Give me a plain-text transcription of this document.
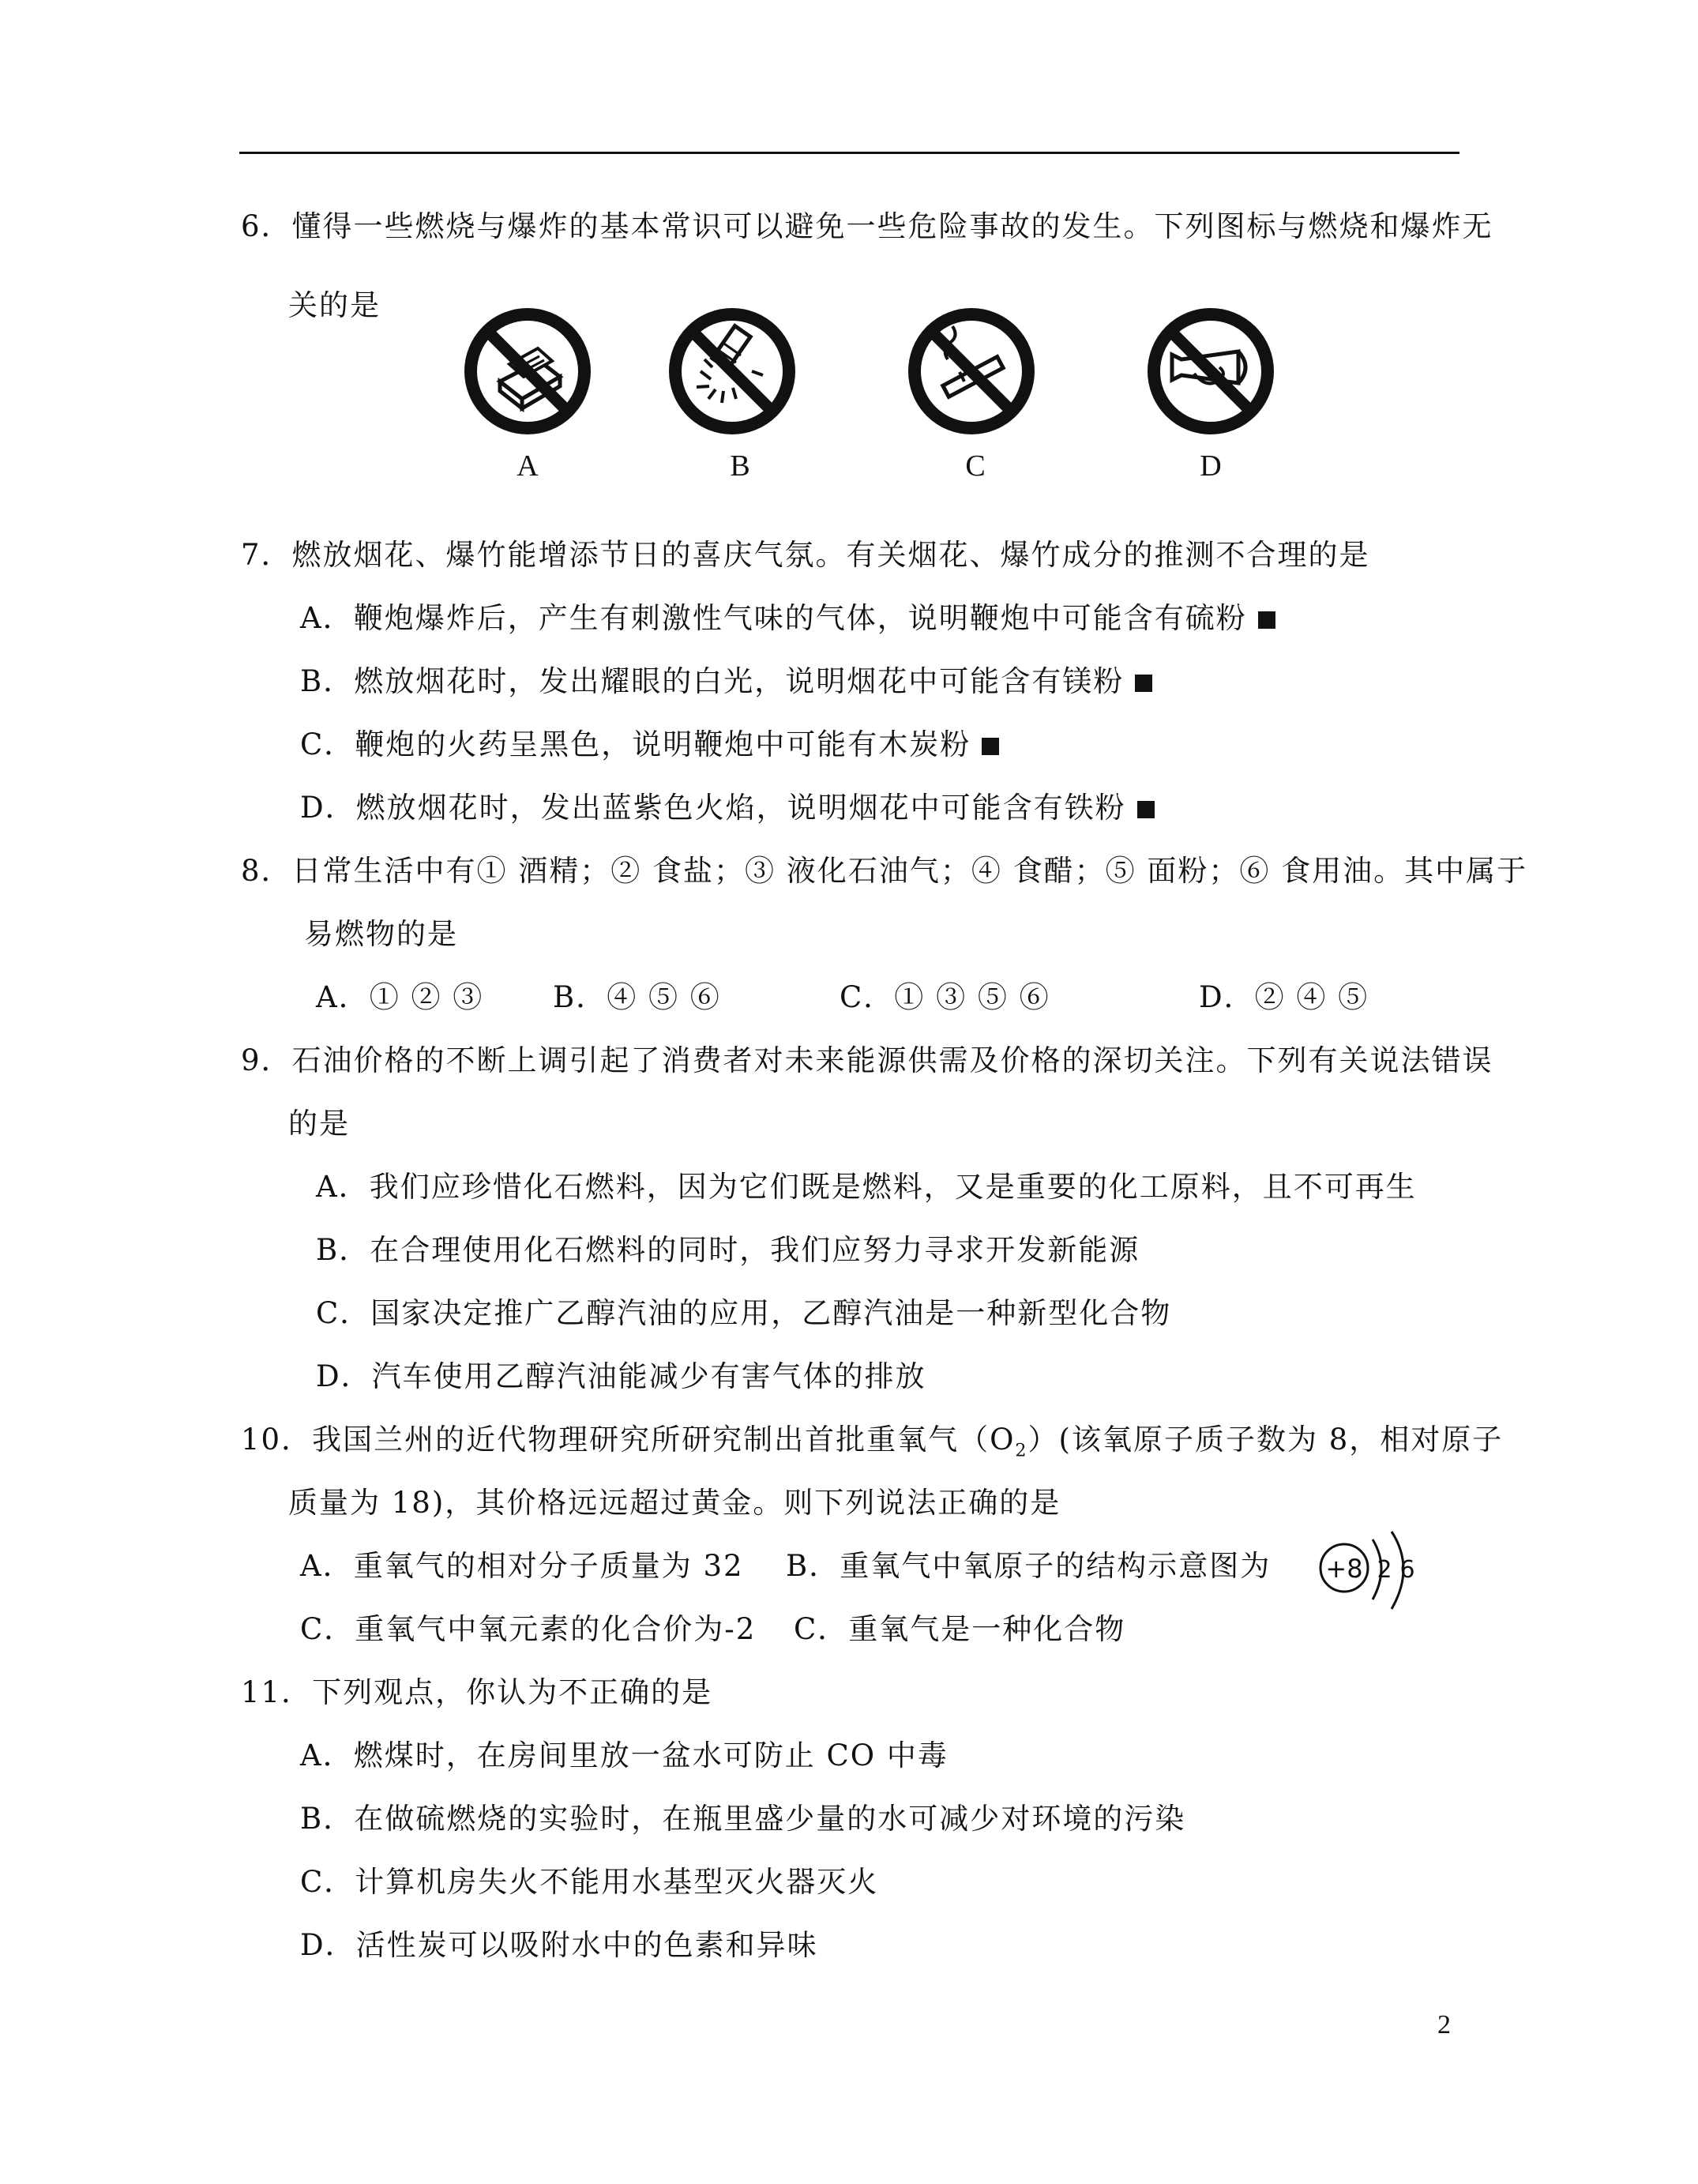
6．懂得一些燃烧与爆炸的基本常识可以避免一些危险事故的发生。下列图标与燃烧和爆炸无
关的是
A	B	C	D
7．燃放烟花、爆竹能增添节日的喜庆气氛。有关烟花、爆竹成分的推测不合理的是
A．鞭炮爆炸后，产生有刺激性气味的气体，说明鞭炮中可能含有硫粉
B．燃放烟花时，发出耀眼的白光，说明烟花中可能含有镁粉
C．鞭炮的火药呈黑色，说明鞭炮中可能有木炭粉
D．燃放烟花时，发出蓝紫色火焰，说明烟花中可能含有铁粉
8．日常生活中有① 酒精；② 食盐；③ 液化石油气；④ 食醋；⑤ 面粉；⑥ 食用油。其中属于
易燃物的是
A．① ② ③ B．④ ⑤ ⑥	C．① ③ ⑤ ⑥	D．② ④ ⑤
9．石油价格的不断上调引起了消费者对未来能源供需及价格的深切关注。下列有关说法错误
的是
A．我们应珍惜化石燃料，因为它们既是燃料，又是重要的化工原料，且不可再生
B．在合理使用化石燃料的同时，我们应努力寻求开发新能源
C．国家决定推广乙醇汽油的应用，乙醇汽油是一种新型化合物
D．汽车使用乙醇汽油能减少有害气体的排放
10．我国兰州的近代物理研究所研究制出首批重氧气$(O_2)$(该氧原子质子数为 8，相对原子
质量为 18)，其价格远远超过黄金。则下列说法正确的是
A．重氧气的相对分子质量为 32 B．重氧气中氧原子的结构示意图为
C．重氧气中氧元素的化合价为-2 C．重氧气是一种化合物
+8 2 6
11．下列观点，你认为不正确的是
A．燃煤时，在房间里放一盆水可防止 CO 中毒
B．在做硫燃烧的实验时，在瓶里盛少量的水可减少对环境的污染
C．计算机房失火不能用水基型灭火器灭火
D．活性炭可以吸附水中的色素和异味
2
